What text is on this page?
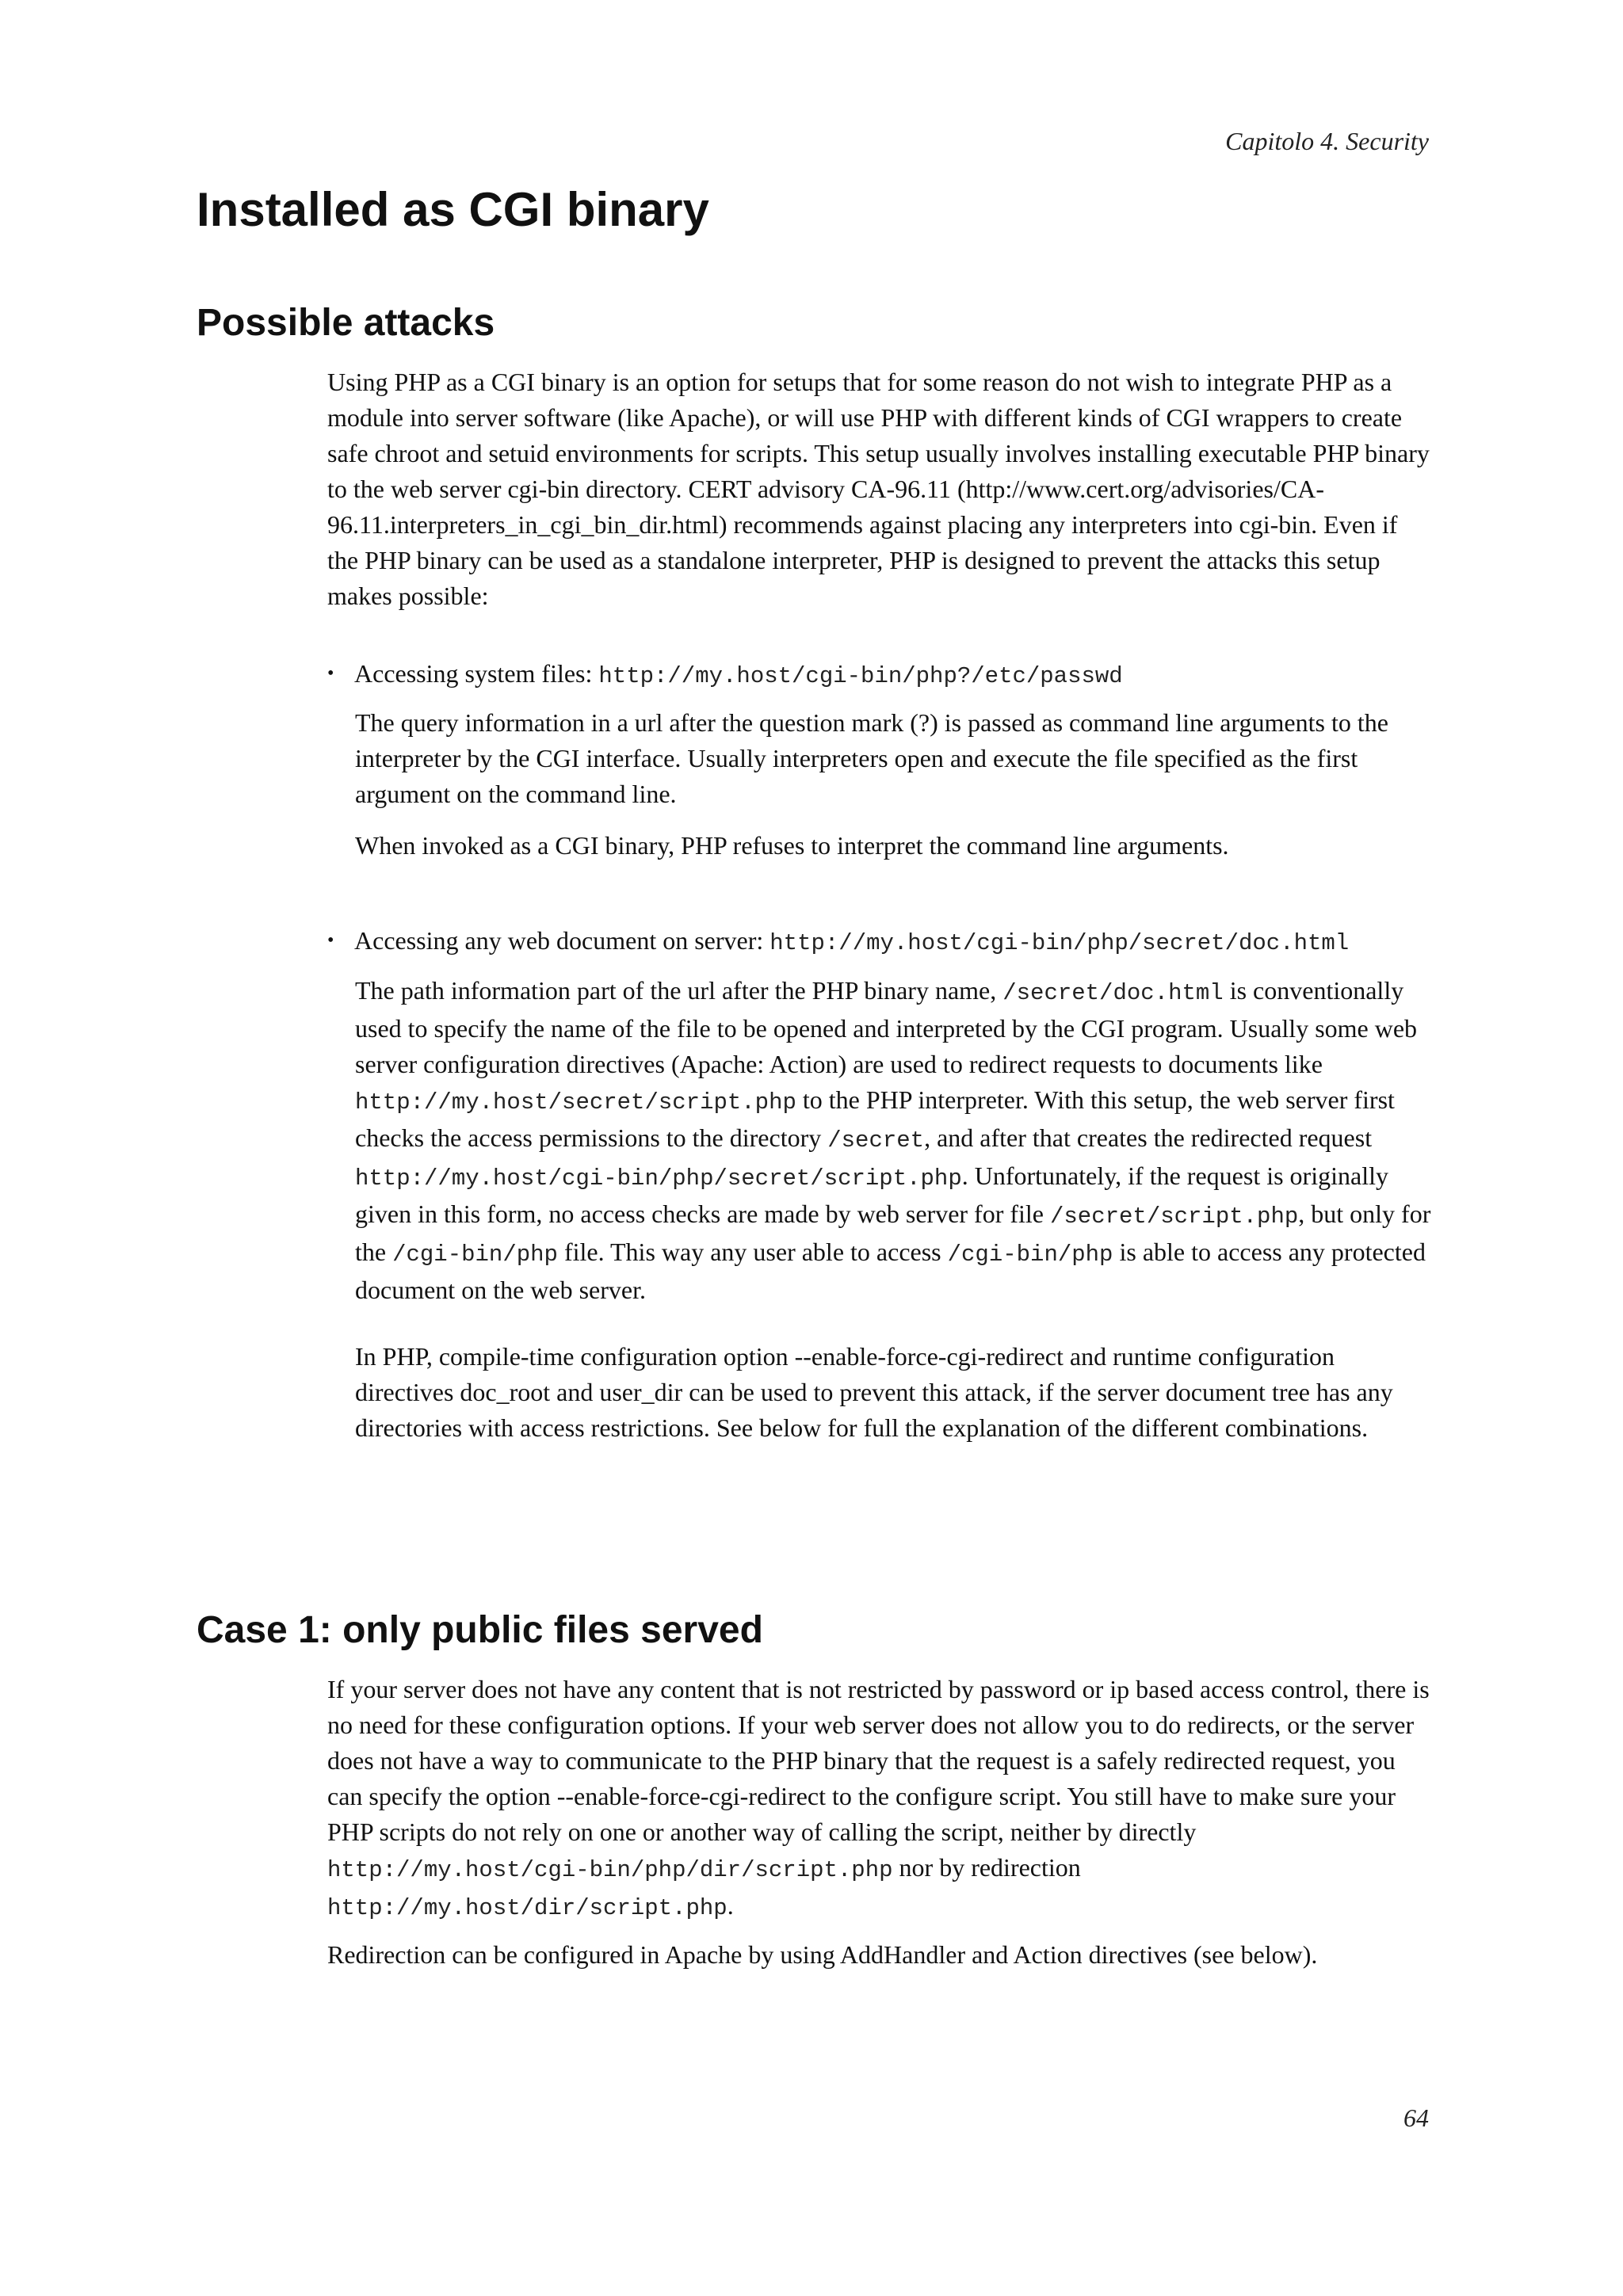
Capitolo 4. Security
Installed as CGI binary
Possible attacks

Using PHP as a CGI binary is an option for setups that for some reason do not wish to integrate PHP as a module into server software (like Apache), or will use PHP with different kinds of CGI wrappers to create safe chroot and setuid environments for scripts. This setup usually involves installing executable PHP binary to the web server cgi-bin directory. CERT advisory CA-96.11 (http://www.cert.org/advisories/CA-96.11.interpreters_in_cgi_bin_dir.html) recommends against placing any interpreters into cgi-bin. Even if the PHP binary can be used as a standalone interpreter, PHP is designed to prevent the attacks this setup makes possible:

• Accessing system files: http://my.host/cgi-bin/php?/etc/passwd

The query information in a url after the question mark (?) is passed as command line arguments to the interpreter by the CGI interface. Usually interpreters open and execute the file specified as the first argument on the command line.

When invoked as a CGI binary, PHP refuses to interpret the command line arguments.

• Accessing any web document on server: http://my.host/cgi-bin/php/secret/doc.html

The path information part of the url after the PHP binary name, /secret/doc.html is conventionally used to specify the name of the file to be opened and interpreted by the CGI program. Usually some web server configuration directives (Apache: Action) are used to redirect requests to documents like http://my.host/secret/script.php to the PHP interpreter. With this setup, the web server first checks the access permissions to the directory /secret, and after that creates the redirected request http://my.host/cgi-bin/php/secret/script.php. Unfortunately, if the request is originally given in this form, no access checks are made by web server for file /secret/script.php, but only for the /cgi-bin/php file. This way any user able to access /cgi-bin/php is able to access any protected document on the web server.

In PHP, compile-time configuration option --enable-force-cgi-redirect and runtime configuration directives doc_root and user_dir can be used to prevent this attack, if the server document tree has any directories with access restrictions. See below for full the explanation of the different combinations.

Case 1: only public files served

If your server does not have any content that is not restricted by password or ip based access control, there is no need for these configuration options. If your web server does not allow you to do redirects, or the server does not have a way to communicate to the PHP binary that the request is a safely redirected request, you can specify the option --enable-force-cgi-redirect to the configure script. You still have to make sure your PHP scripts do not rely on one or another way of calling the script, neither by directly http://my.host/cgi-bin/php/dir/script.php nor by redirection http://my.host/dir/script.php.

Redirection can be configured in Apache by using AddHandler and Action directives (see below).

64
